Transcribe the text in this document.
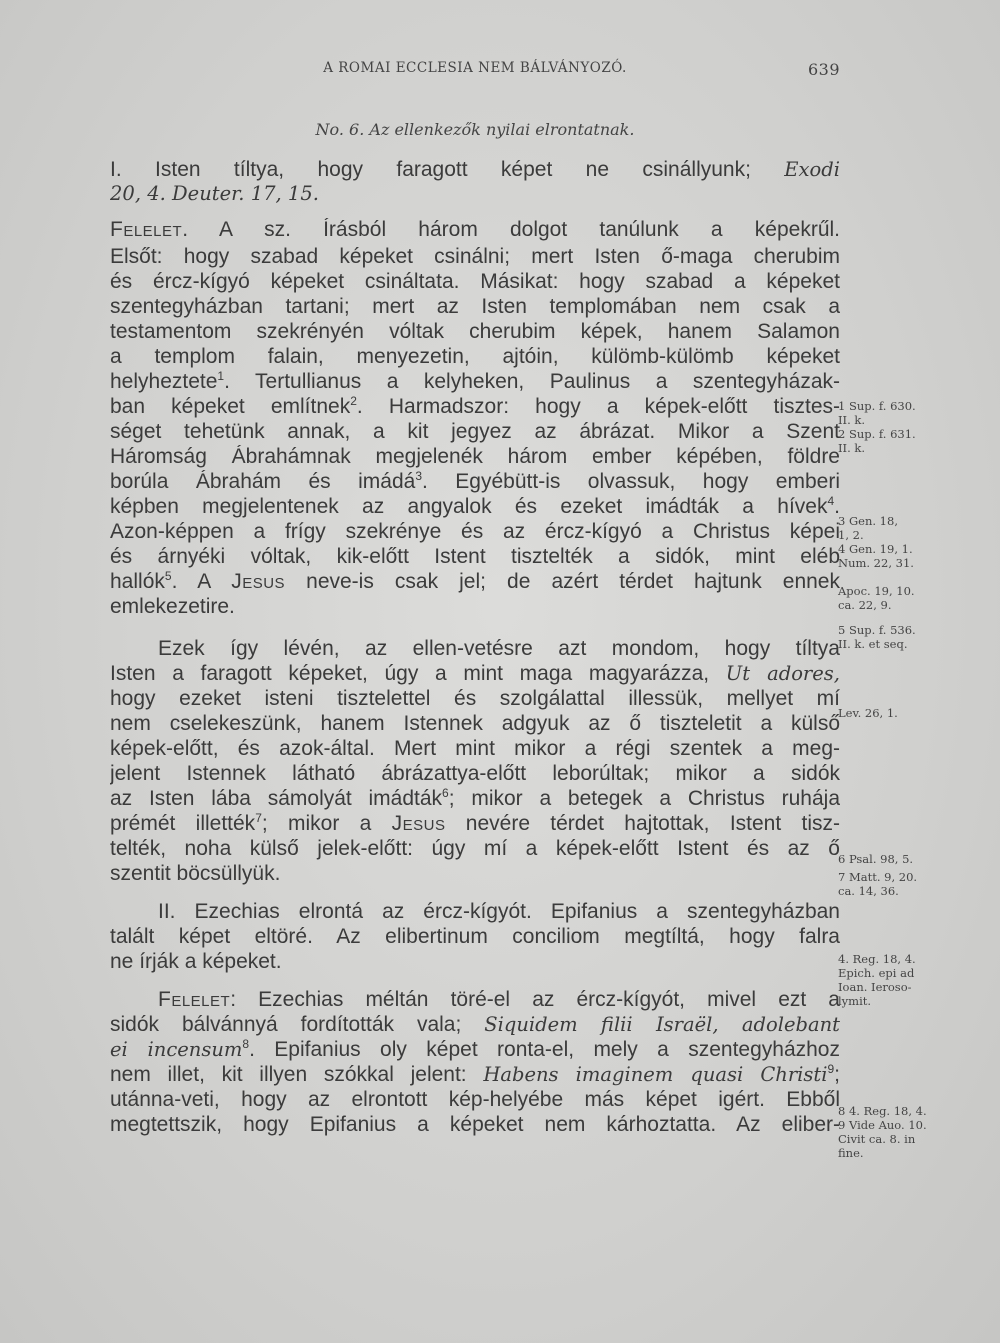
A ROMAI ECCLESIA NEM BÁLVÁNYOZÓ.	639
No. 6. Az ellenkezők nyilai elrontatnak.
I. Isten tíltya, hogy faragott képet ne csinállyunk; Exodi
20, 4. Deuter. 17, 15.
Felelet. A sz. Írásból három dolgot tanúlunk a képekrűl.
Elsőt: hogy szabad képeket csinálni; mert Isten ő-maga cherubim
és ércz-kígyó képeket csináltata. Másikat: hogy szabad a képeket
szentegyházban tartani; mert az Isten templomában nem csak a
testamentom szekrényén vóltak cherubim képek, hanem Salamon
a templom falain, menyezetin, ajtóin, külömb-külömb képeket
helyheztete$^1$. Tertullianus a kelyheken, Paulinus a szentegyházak-
ban képeket említnek$^2$. Harmadszor: hogy a képek-előtt tisztes-
séget tehetünk annak, a kit jegyez az ábrázat. Mikor a Szent
Háromság Ábrahámnak megjelenék három ember képében, földre
borúla Ábrahám és imádá$^3$. Egyébütt-is olvassuk, hogy emberi
képben megjelentenek az angyalok és ezeket imádták a hívek$^4$.
Azon-képpen a frígy szekrénye és az ércz-kígyó a Christus képei
és árnyéki vóltak, kik-előtt Istent tisztelték a sidók, mint eléb
hallók$^5$. A Jesus neve-is csak jel; de azért térdet hajtunk ennek
emlekezetire.
Ezek így lévén, az ellen-vetésre azt mondom, hogy tíltya
Isten a faragott képeket, úgy a mint maga magyarázza, Ut adores,
hogy ezeket isteni tisztelettel és szolgálattal illessük, mellyet mí
nem cselekeszünk, hanem Istennek adgyuk az ő tiszteletit a külső
képek-előtt, és azok-által. Mert mint mikor a régi szentek a meg-
jelent Istennek látható ábrázattya-előtt leborúltak; mikor a sidók
az Isten lába sámolyát imádták$^6$; mikor a betegek a Christus ruhája
prémét illették$^7$; mikor a Jesus nevére térdet hajtottak, Istent tisz-
telték, noha külső jelek-előtt: úgy mí a képek-előtt Istent és az ő
szentit böcsüllyük.
II. Ezechias elrontá az ércz-kígyót. Epifanius a szentegyházban
talált képet eltöré. Az elibertinum conciliom megtíltá, hogy falra
ne írják a képeket.
Felelet: Ezechias méltán töré-el az ércz-kígyót, mivel ezt a
sidók bálvánnyá fordították vala; Siquidem filii Israël, adolebant
ei incensum$^8$. Epifanius oly képet ronta-el, mely a szentegyházhoz
nem illet, kit illyen szókkal jelent: Habens imaginem quasi Christi$^9$;
utánna-veti, hogy az elrontott kép-helyébe más képet igért. Ebből
megtettszik, hogy Epifanius a képeket nem kárhoztatta. Az eliber-
1 Sup. f. 630.
II. k.
2 Sup. f. 631.
II. k.
3 Gen. 18,
1, 2.
4 Gen. 19, 1.
Num. 22, 31.
Apoc. 19, 10.
ca. 22, 9.
5 Sup. f. 536.
II. k. et seq.
Lev. 26, 1.
6 Psal. 98, 5.
7 Matt. 9, 20.
ca. 14, 36.
4. Reg. 18, 4.
Epich. epi ad
Ioan. Ieroso-
lymit.
8 4. Reg. 18, 4.
9 Vide Auo. 10.
Civit ca. 8. in
fine.
